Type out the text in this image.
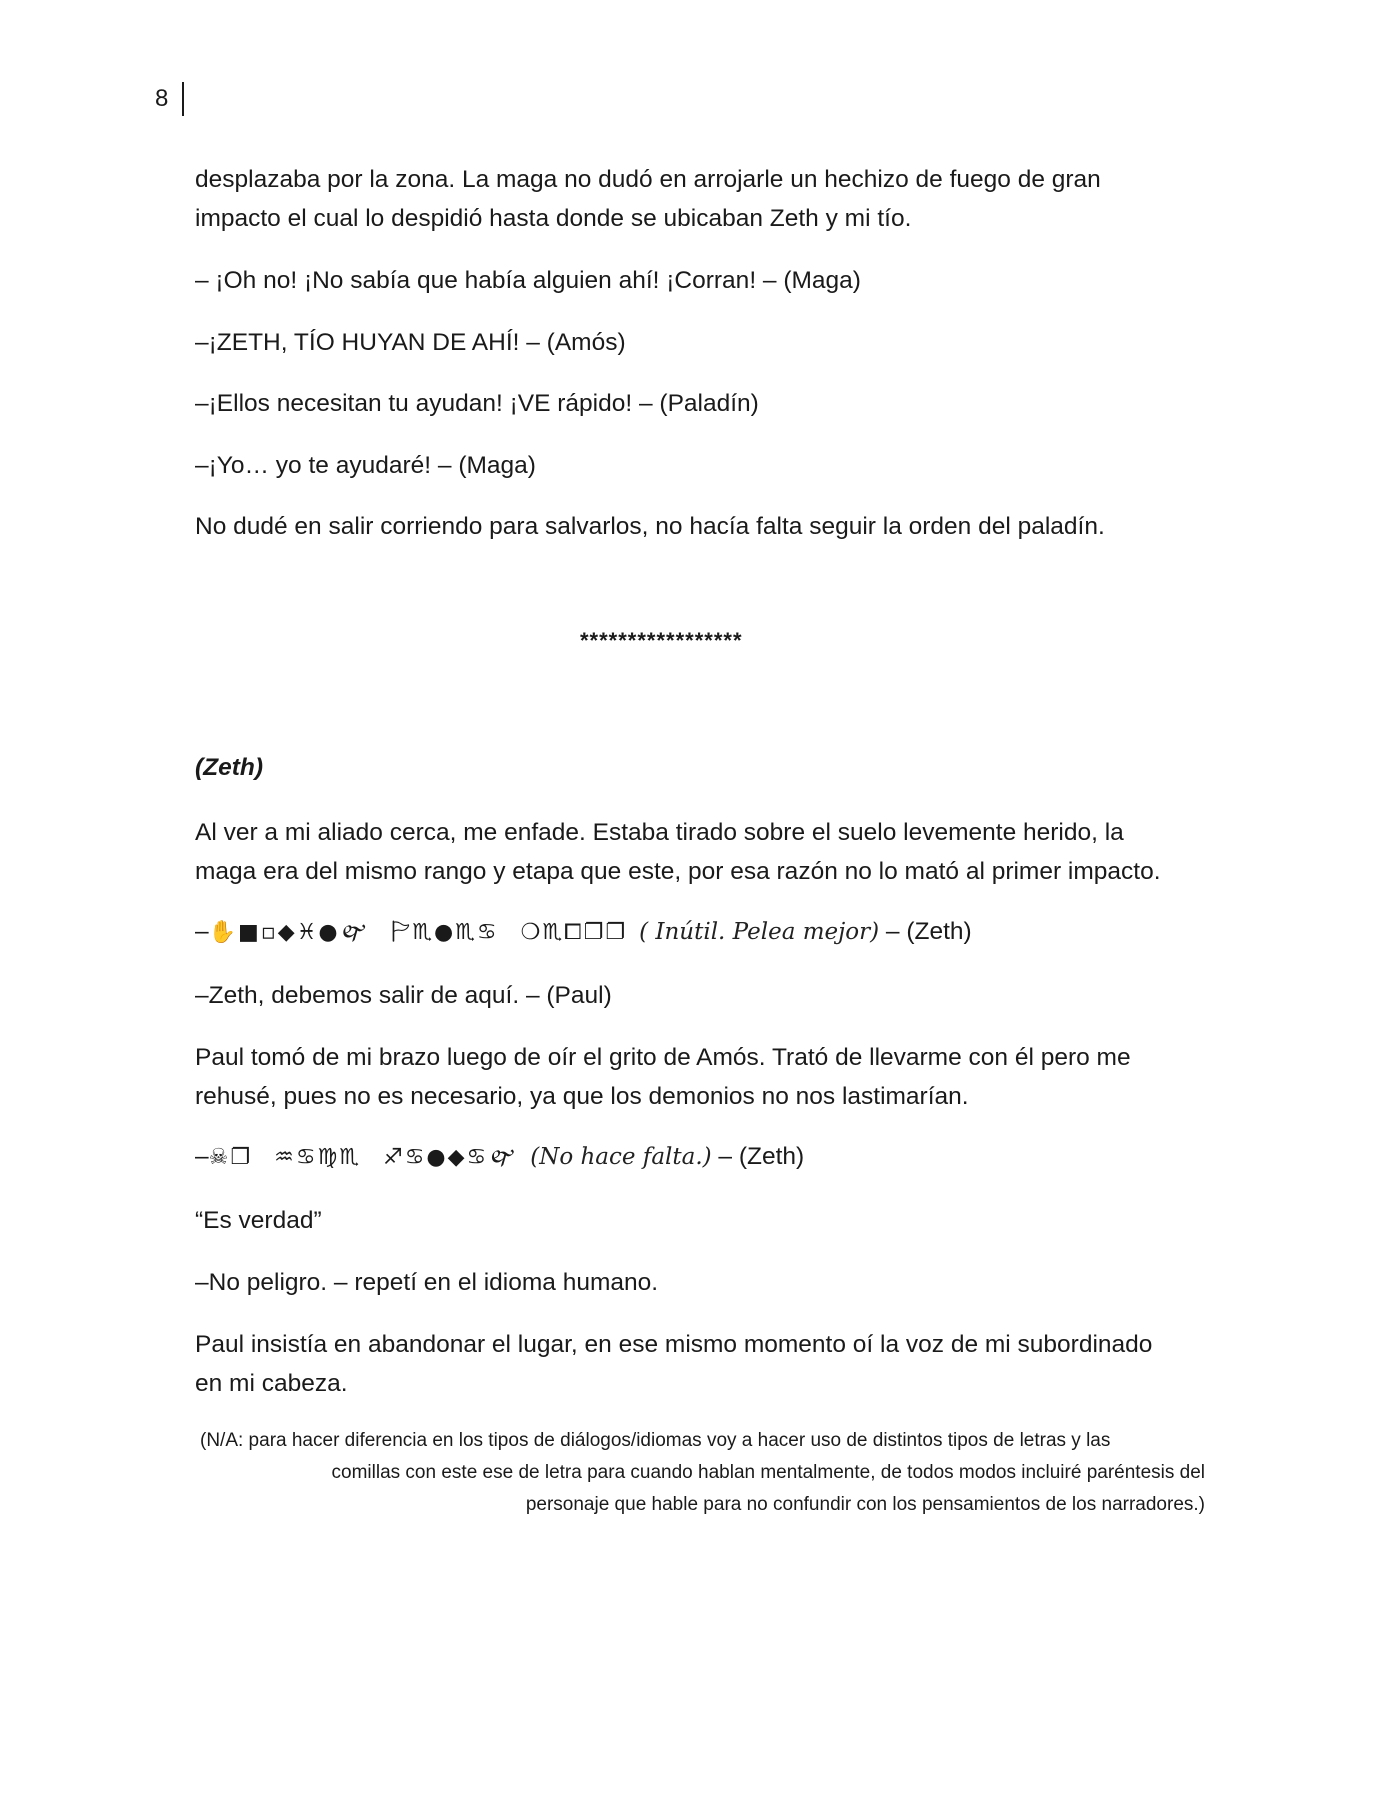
8

desplazaba por la zona. La maga no dudó en arrojarle un hechizo de fuego de gran
impacto el cual lo despidió hasta donde se ubicaban Zeth y mi tío.

– ¡Oh no! ¡No sabía que había alguien ahí! ¡Corran! – (Maga)

–¡ZETH, TÍO HUYAN DE AHÍ! – (Amós)

–¡Ellos necesitan tu ayudan! ¡VE rápido! – (Paladín)

–¡Yo… yo te ayudaré! – (Maga)

No dudé en salir corriendo para salvarlos, no hacía falta seguir la orden del paladín.

*****************
(Zeth)

Al ver a mi aliado cerca, me enfade. Estaba tirado sobre el suelo levemente herido, la
maga era del mismo rango y etapa que este, por esa razón no lo mató al primer impacto.

–✋■▫◆♓●🙰 🏱♏●♏♋ ❍♏⧠❐❐ ( Inútil. Pelea mejor) – (Zeth)

–Zeth, debemos salir de aquí. – (Paul)

Paul tomó de mi brazo luego de oír el grito de Amós. Trató de llevarme con él pero me
rehusé, pues no es necesario, ya que los demonios no nos lastimarían.

–☠❐ ♒♋♍♏ ♐♋●◆♋🙰 (No hace falta.) – (Zeth)

“Es verdad”

–No peligro. – repetí en el idioma humano.

Paul insistía en abandonar el lugar, en ese mismo momento oí la voz de mi subordinado
en mi cabeza.

(N/A: para hacer diferencia en los tipos de diálogos/idiomas voy a hacer uso de distintos tipos de letras y las
comillas con este ese de letra para cuando hablan mentalmente, de todos modos incluiré paréntesis del
personaje que hable para no confundir con los pensamientos de los narradores.)
